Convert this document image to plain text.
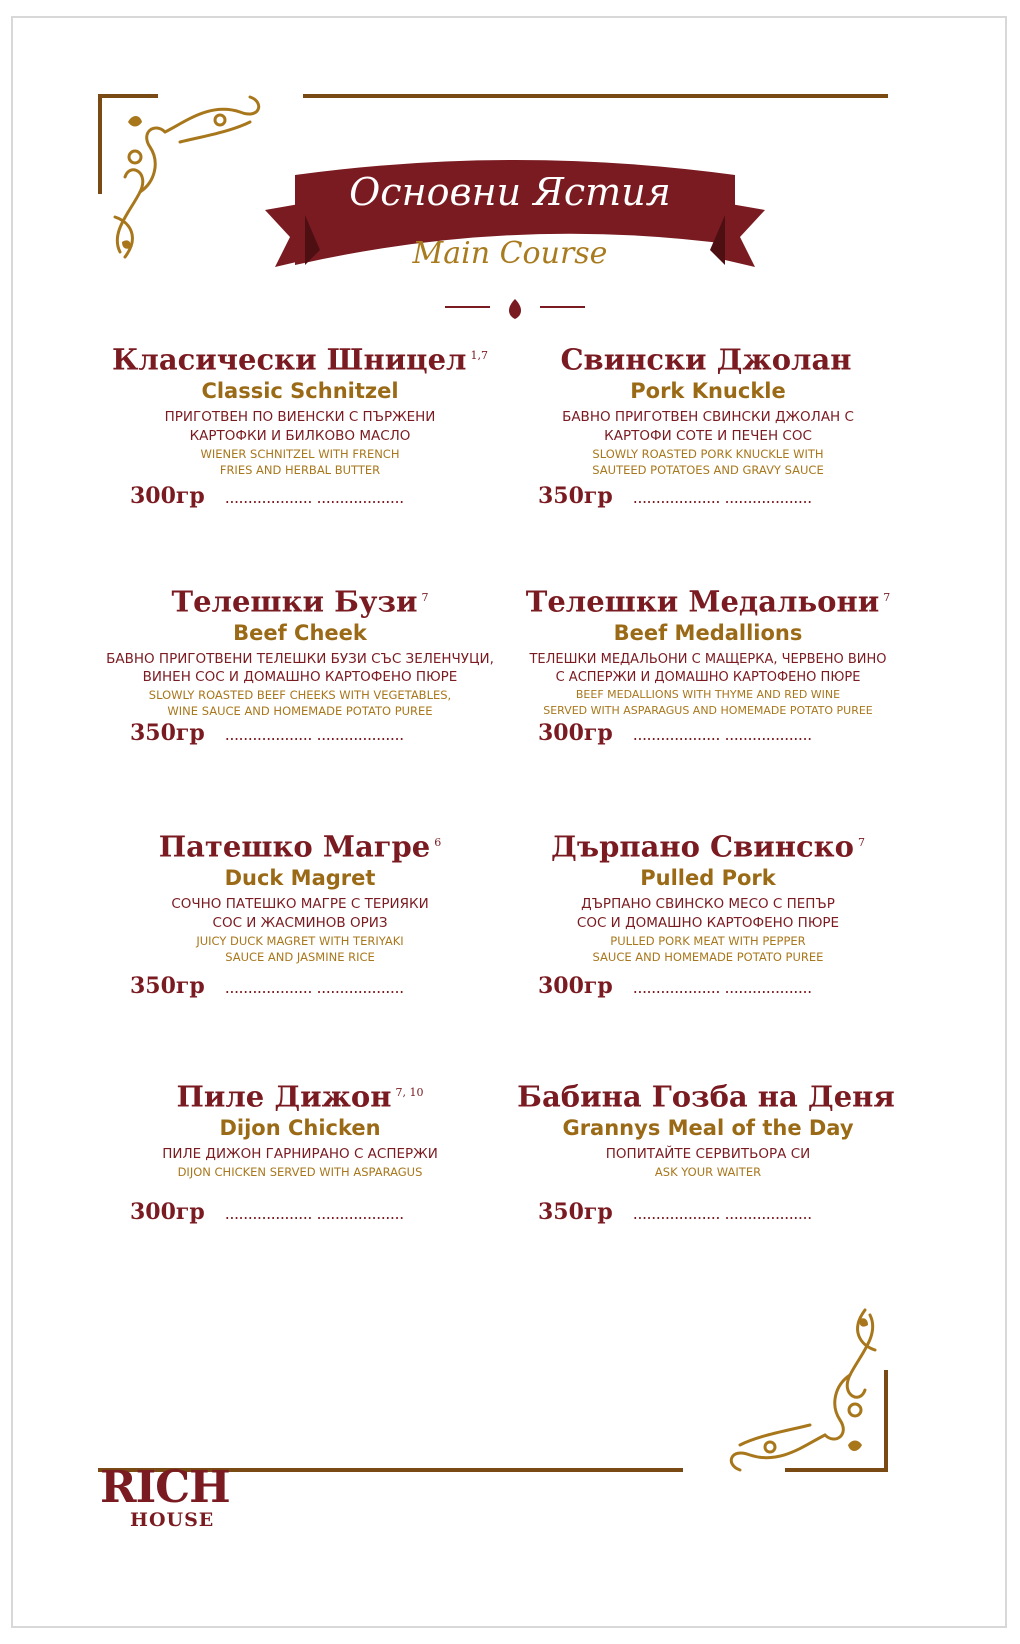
Основни Ястия
Main Course
Класически Шницел $^{1,7}$
Classic Schnitzel
ПРИГОТВЕН ПО ВИЕНСКИ С ПЪРЖЕНИ
КАРТОФКИ И БИЛКОВО МАСЛО
WIENER SCHNITZEL WITH FRENCH
FRIES AND HERBAL BUTTER
300гр ................... ...................
Свински Джолан
Pork Knuckle
БАВНО ПРИГОТВЕН СВИНСКИ ДЖОЛАН С
КАРТОФИ СОТЕ И ПЕЧЕН СОС
SLOWLY ROASTED PORK KNUCKLE WITH
SAUTEED POTATOES AND GRAVY SAUCE
350гр ................... ...................
Телешки Бузи $^7$
Beef Cheek
БАВНО ПРИГОТВЕНИ ТЕЛЕШКИ БУЗИ СЪС ЗЕЛЕНЧУЦИ,
ВИНЕН СОС И ДОМАШНО КАРТОФЕНО ПЮРЕ
SLOWLY ROASTED BEEF CHEEKS WITH VEGETABLES,
WINE SAUCE AND HOMEMADE POTATO PUREE
350гр ................... ...................
Телешки Медальони $^7$
Beef Medallions
ТЕЛЕШКИ МЕДАЛЬОНИ С МАЩЕРКА, ЧЕРВЕНО ВИНО
С АСПЕРЖИ И ДОМАШНО КАРТОФЕНО ПЮРЕ
BEEF MEDALLIONS WITH THYME AND RED WINE
SERVED WITH ASPARAGUS AND HOMEMADE POTATO PUREE
300гр ................... ...................
Патешко Магре $^6$
Duck Magret
СОЧНО ПАТЕШКО МАГРЕ С ТЕРИЯКИ
СОС И ЖАСМИНОВ ОРИЗ
JUICY DUCK MAGRET WITH TERIYAKI
SAUCE AND JASMINE RICE
350гр ................... ...................
Дърпано Свинско $^7$
Pulled Pork
ДЪРПАНО СВИНСКО МЕСО С ПЕПЪР
СОС И ДОМАШНО КАРТОФЕНО ПЮРЕ
PULLED PORK MEAT WITH PEPPER
SAUCE AND HOMEMADE POTATO PUREE
300гр ................... ...................
Пиле Дижон $^{7, 10}$
Dijon Chicken
ПИЛЕ ДИЖОН ГАРНИРАНО С АСПЕРЖИ
DIJON CHICKEN SERVED WITH ASPARAGUS
300гр ................... ...................
Бабина Гозба на Деня
Grannys Meal of the Day
ПОПИТАЙТЕ СЕРВИТЬОРА СИ
ASK YOUR WAITER
350гр ................... ...................
RICH
HOUSE
